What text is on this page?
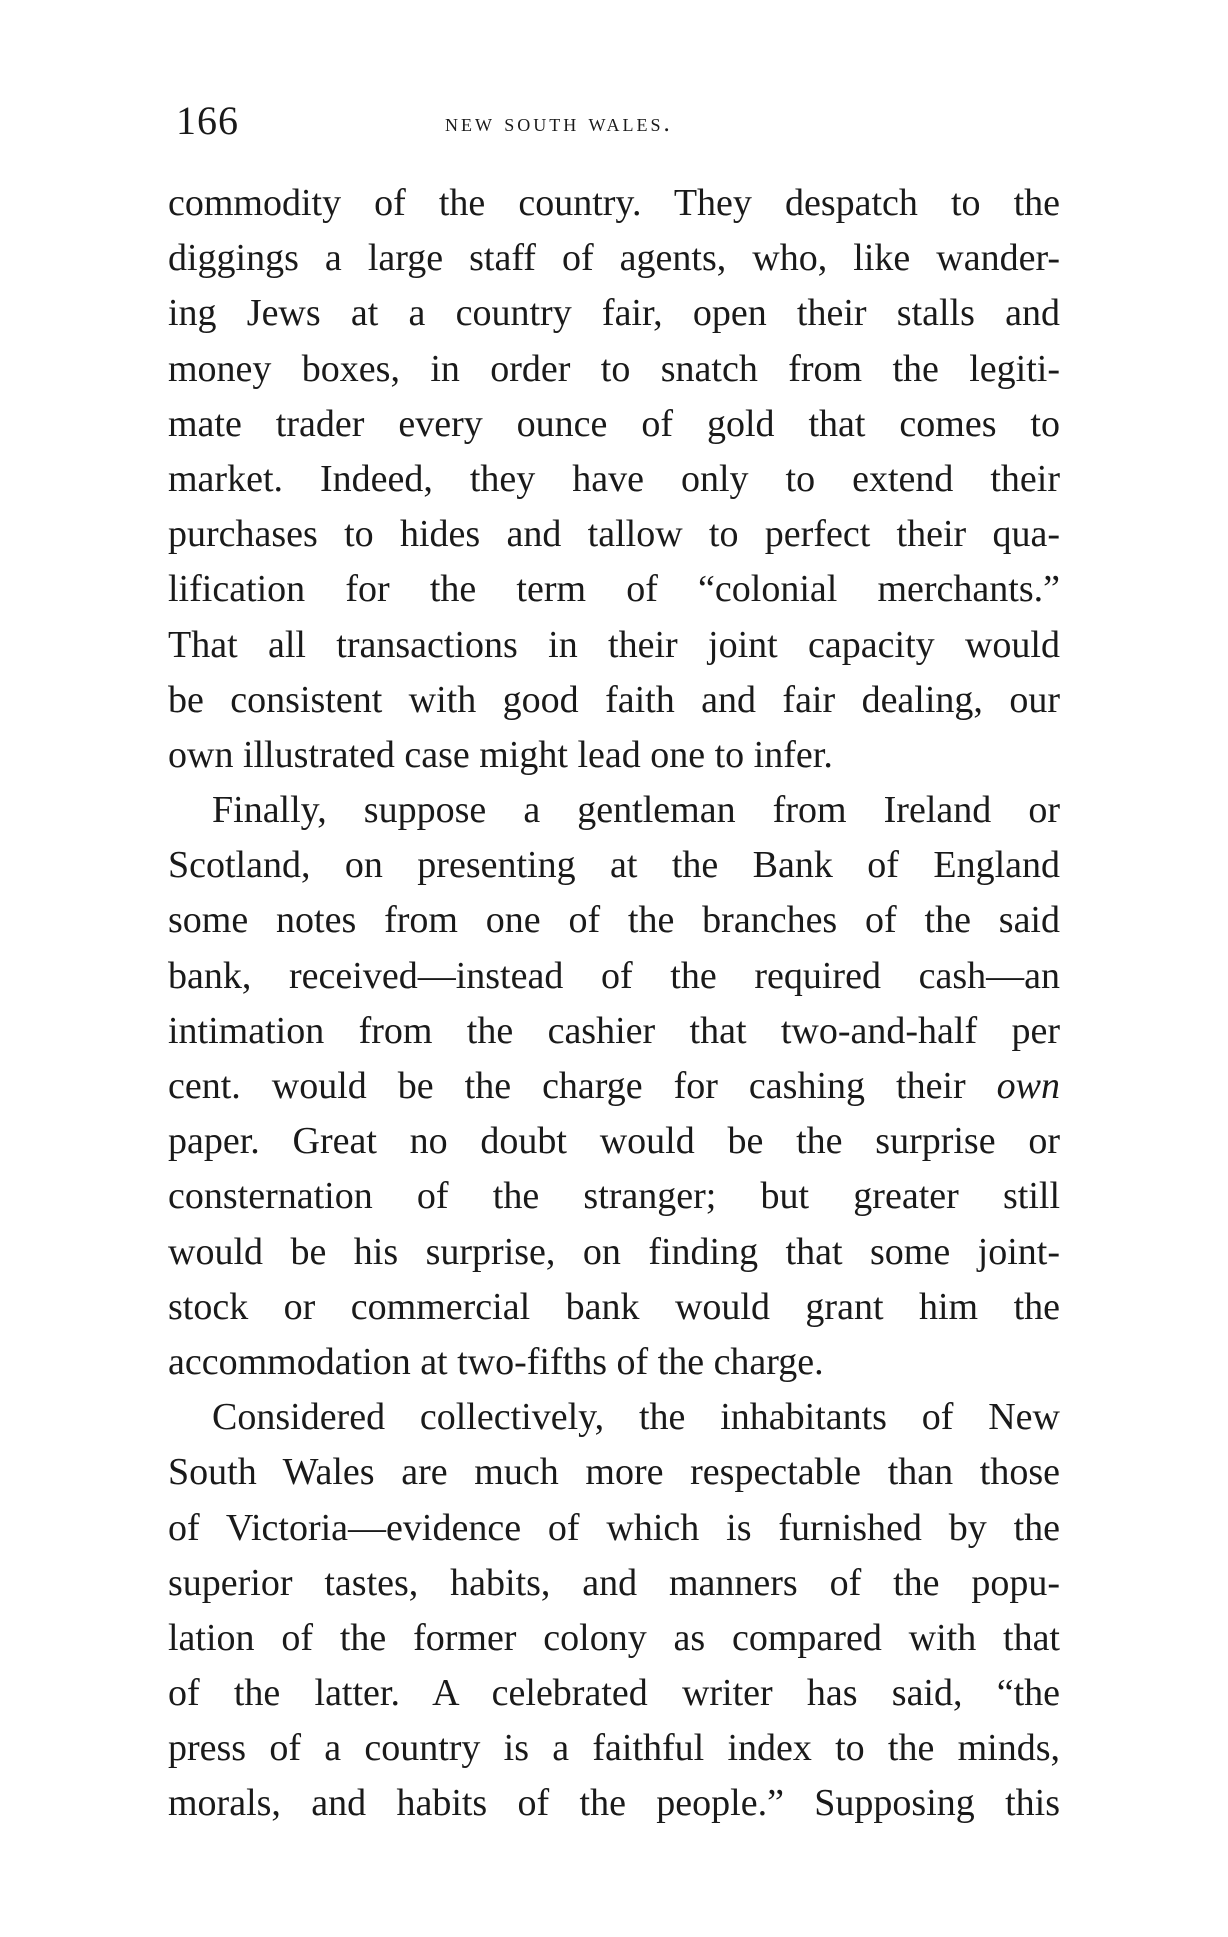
166	new south wales.
commodity of the country. They despatch to the
diggings a large staff of agents, who, like wander-
ing Jews at a country fair, open their stalls and
money boxes, in order to snatch from the legiti-
mate trader every ounce of gold that comes to
market. Indeed, they have only to extend their
purchases to hides and tallow to perfect their qua-
lification for the term of “colonial merchants.”
That all transactions in their joint capacity would
be consistent with good faith and fair dealing, our
own illustrated case might lead one to infer.
Finally, suppose a gentleman from Ireland or
Scotland, on presenting at the Bank of England
some notes from one of the branches of the said
bank, received—instead of the required cash—an
intimation from the cashier that two-and-half per
cent. would be the charge for cashing their own
paper. Great no doubt would be the surprise or
consternation of the stranger; but greater still
would be his surprise, on finding that some joint-
stock or commercial bank would grant him the
accommodation at two-fifths of the charge.
Considered collectively, the inhabitants of New
South Wales are much more respectable than those
of Victoria—evidence of which is furnished by the
superior tastes, habits, and manners of the popu-
lation of the former colony as compared with that
of the latter. A celebrated writer has said, “the
press of a country is a faithful index to the minds,
morals, and habits of the people.” Supposing this
